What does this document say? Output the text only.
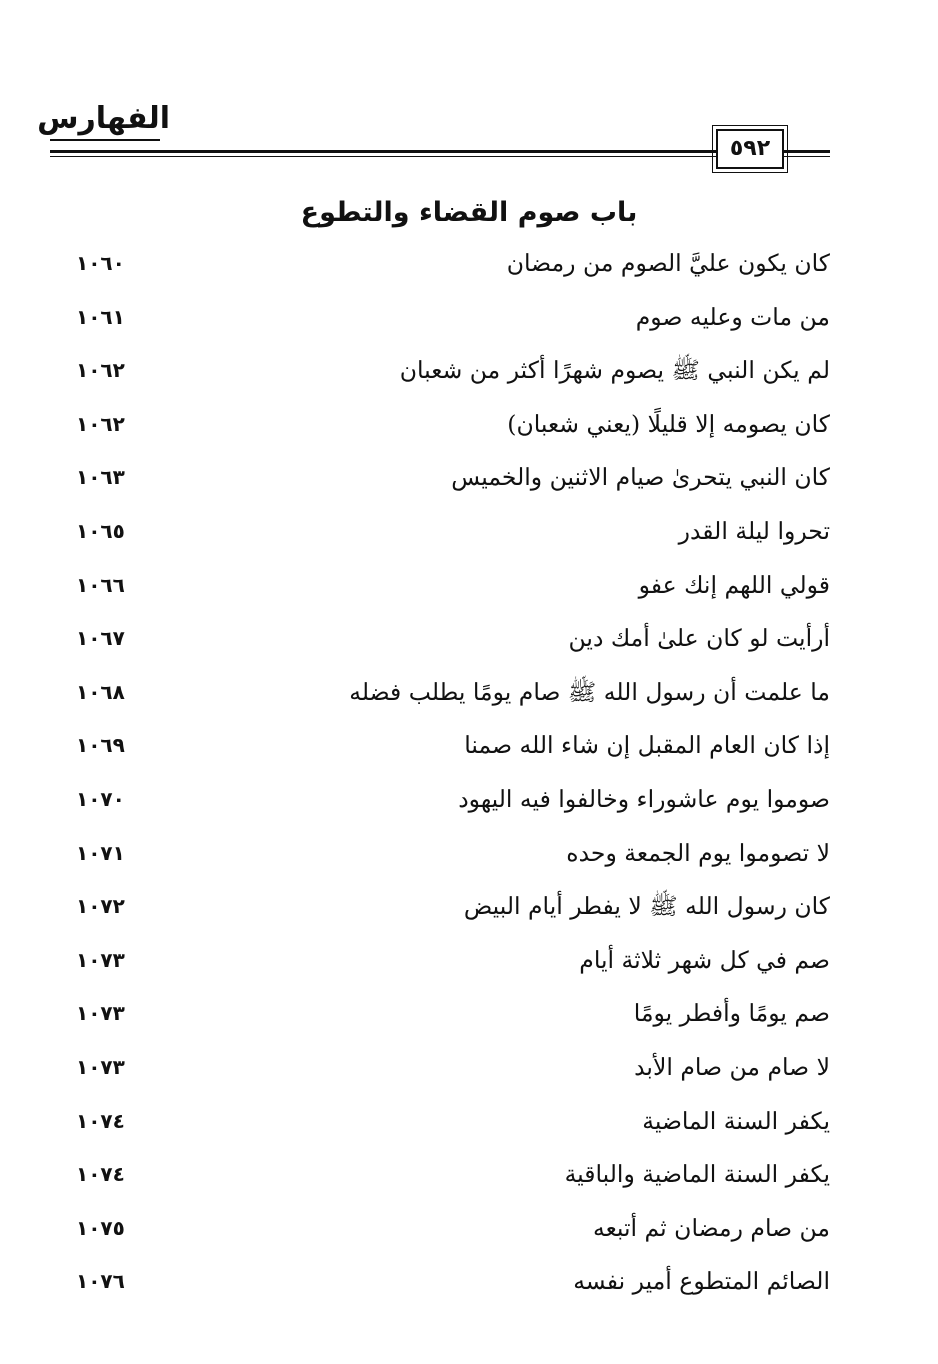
الفهارس
٥٩٢
باب صوم القضاء والتطوع
كان يكون عليَّ الصوم من رمضان
١٠٦٠
من مات وعليه صوم
١٠٦١
لم يكن النبي ﷺ يصوم شهرًا أكثر من شعبان
١٠٦٢
كان يصومه إلا قليلًا (يعني شعبان)
١٠٦٢
كان النبي يتحرىٰ صيام الاثنين والخميس
١٠٦٣
تحروا ليلة القدر
١٠٦٥
قولي اللهم إنك عفو
١٠٦٦
أرأيت لو كان علىٰ أمك دين
١٠٦٧
ما علمت أن رسول الله ﷺ صام يومًا يطلب فضله
١٠٦٨
إذا كان العام المقبل إن شاء الله صمنا
١٠٦٩
صوموا يوم عاشوراء وخالفوا فيه اليهود
١٠٧٠
لا تصوموا يوم الجمعة وحده
١٠٧١
كان رسول الله ﷺ لا يفطر أيام البيض
١٠٧٢
صم في كل شهر ثلاثة أيام
١٠٧٣
صم يومًا وأفطر يومًا
١٠٧٣
لا صام من صام الأبد
١٠٧٣
يكفر السنة الماضية
١٠٧٤
يكفر السنة الماضية والباقية
١٠٧٤
من صام رمضان ثم أتبعه
١٠٧٥
الصائم المتطوع أمير نفسه
١٠٧٦
